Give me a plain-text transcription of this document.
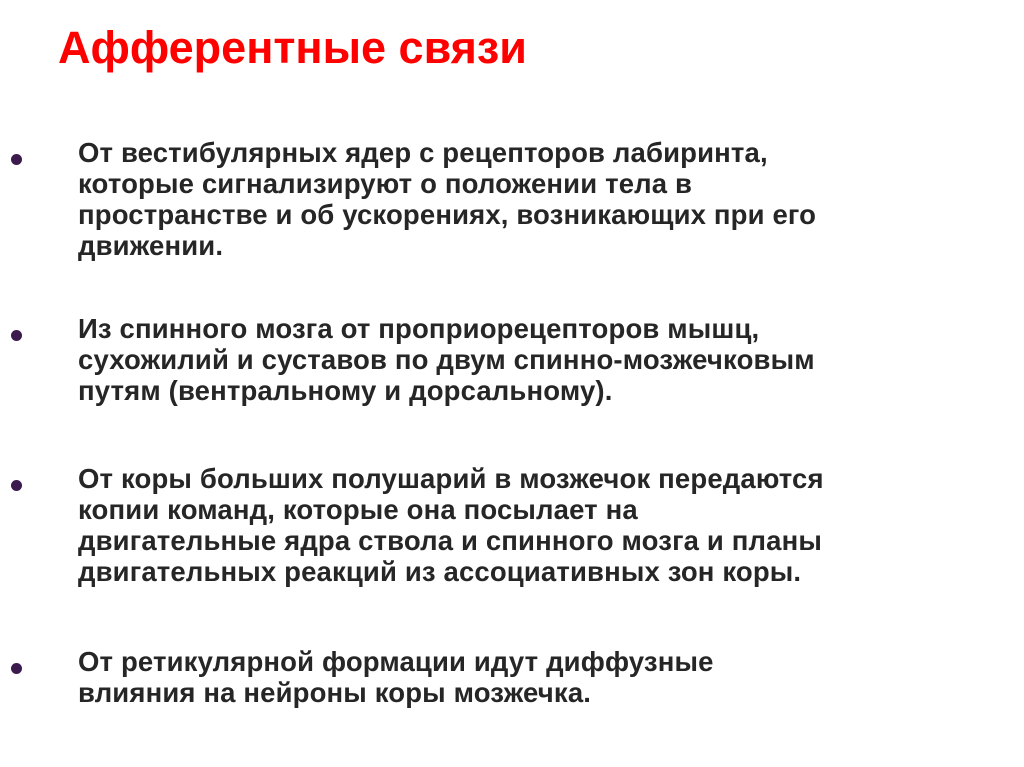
Афферентные связи

От вестибулярных ядер с рецепторов лабиринта,
которые сигнализируют о положении тела в
пространстве и об ускорениях, возникающих при его
движении.

Из спинного мозга от проприорецепторов мышц,
сухожилий и суставов по двум спинно-мозжечковым
путям (вентральному и дорсальному).

От коры больших полушарий в мозжечок передаются
копии команд, которые она посылает на
двигательные ядра ствола и спинного мозга и планы
двигательных реакций из ассоциативных зон коры.

От ретикулярной формации идут диффузные
влияния на нейроны коры мозжечка.
